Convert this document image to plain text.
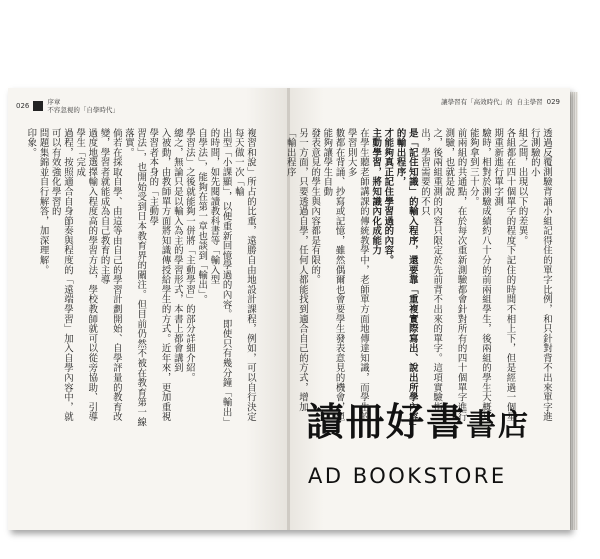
026	序章
不容忽視的「自學時代」
複習和說」所占的比重，遠勝自由地設計課程，例如，可以自行決定每天做一次「輸
出型「小課顯」，以便重新回憶學過的內容。即使只有幾分鐘「輸出」的時間，如先閱讀教科書等「輸入型
自學法」，能夠在第一章也談到「輸出」。
學習法」之後就能夠一併將「主動學習」的部分詳細介紹。
總之，無論只是以輸入為主的學習形式，本書上都會講到
入被動，由教師單方面將知識傳授給學生的方式。近年來，更加重視學習者本身的「主動學
習法」，也開始受到日本教育界的關注。但目前仍然不被在教育第一線落實。
倘若在採取自學、由這等由自己的學習計劃開始、自學評量的教育改變，學習者就能成為自己教育的主導
過度地選擇輸入程度高的學習方法，學校教師就可以從旁協助、引導學生「完成
過程，按照適合自身節奏與程度的「遠端學習」加入自學內容中，就可以有效強化學習的
問題集錦並自行解答，加深理解。
印象。
讓學習有「高效時代」的 自主學習 029
透過反覆測驗背誦小組記得住的單字比例，和只針對背不出來單字進行測驗的小
組之間，出現以下的差異。
各組都在四十個單字的程度下記住的時間不相上下，但是經過一個星期重新進行單字測
驗時，相對於測驗成績約八十分的前兩組學生，後兩組的學生大概只能夠拿到三十分。
前兩組的共通點，在於每次重新測驗都會針對所有的四十個單字進行測驗，也就是說
之，後兩組重測的內容只限定於先前背不出來的單字。這項實驗指出，學習需要的不只
是「記住知識」的輸入程序，還要靠「重複實際寫出、說出所學內容」的輸出程序，
才能夠真正記住學習過的內容。
主動學習，將知識內化成能力
在學生聽老師講課的傳統教學中，老師單方面地傳達知識，而學生的學習則大多
數都在背誦、抄寫或記憶，雖然偶爾也會要學生發表意見的機會，但能夠讓學生自動
發表意見的學生與內容都是有限的。
另一方面，只要透過自學，任何人都能找到適合自己的方式，增加「輸出程序
讀冊好書書店
AD BOOKSTORE
